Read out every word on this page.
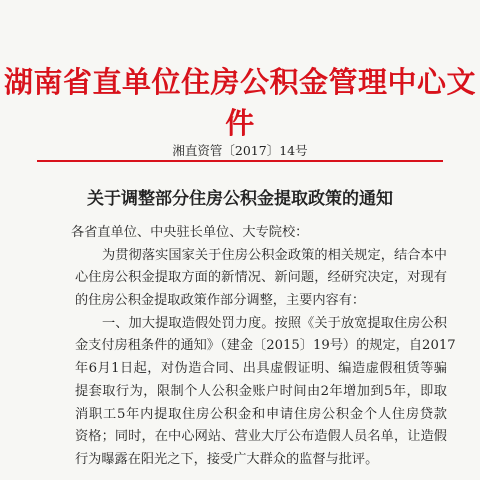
湖南省直单位住房公积金管理中心文件
湘直资管〔2017〕14号
关于调整部分住房公积金提取政策的通知
各省直单位、中央驻长单位、大专院校：
为贯彻落实国家关于住房公积金政策的相关规定，结合本中
心住房公积金提取方面的新情况、新问题，经研究决定，对现有
的住房公积金提取政策作部分调整，主要内容有：
一、加大提取造假处罚力度。按照《关于放宽提取住房公积
金支付房租条件的通知》（建金〔2015〕19号）的规定，自2017
年6月1日起，对伪造合同、出具虚假证明、编造虚假租赁等骗
提套取行为，限制个人公积金账户时间由2年增加到5年，即取
消职工5年内提取住房公积金和申请住房公积金个人住房贷款
资格；同时，在中心网站、营业大厅公布造假人员名单，让造假
行为曝露在阳光之下，接受广大群众的监督与批评。
